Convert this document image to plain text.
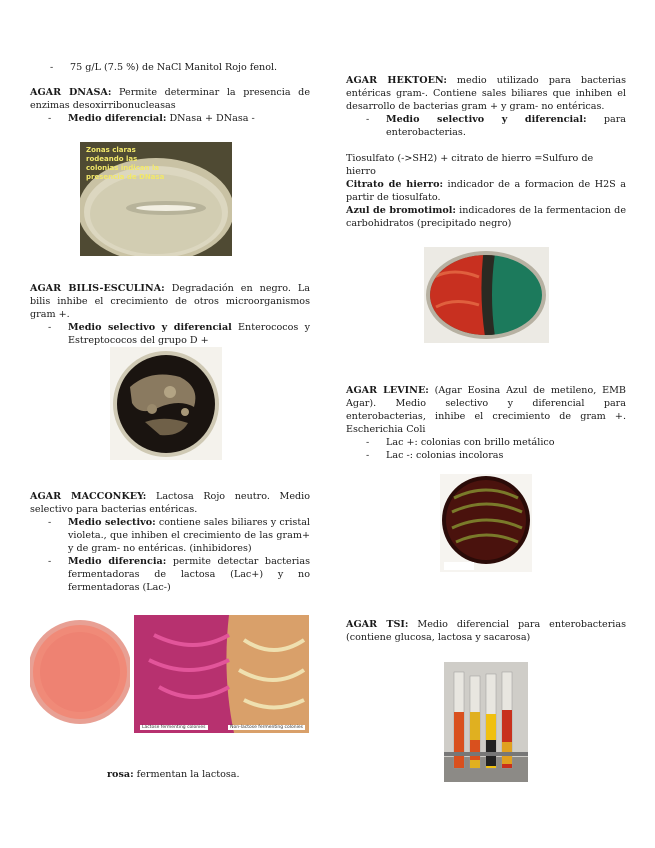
- 75 g/L (7.5 %) de NaCl Manitol Rojo fenol.
AGAR DNASA: Permite determinar la presencia de enzimas desoxirribonucleasas
- Medio diferencial: DNasa + DNasa -
Zonas claras rodeando las colonias indican la presencia de DNasa
AGAR BILIS-ESCULINA: Degradación en negro. La bilis inhibe el crecimiento de otros microorganismos gram +.
- Medio selectivo y diferencial Enterococos y Estreptococos del grupo D +
AGAR MACCONKEY: Lactosa Rojo neutro. Medio selectivo para bacterias entéricas.
- Medio selectivo: contiene sales biliares y cristal violeta., que inhiben el crecimiento de las gram+ y de gram- no entéricas. (inhibidores)
- Medio diferencia: permite detectar bacterias fermentadoras de lactosa (Lac+) y no fermentadoras (Lac-)
Lactose fermenting colonies	Non-lactose fermenting colonies
rosa: fermentan la lactosa.
AGAR HEKTOEN: medio utilizado para bacterias entéricas gram-. Contiene sales biliares que inhiben el desarrollo de bacterias gram + y gram- no entéricas.
- Medio selectivo y diferencial: para enterobacterias.
Tiosulfato (->SH2) + citrato de hierro =Sulfuro de hierro
Citrato de hierro: indicador de a formacion de H2S a partir de tiosulfato.
Azul de bromotimol: indicadores de la fermentacion de carbohidratos (precipitado negro)
AGAR LEVINE: (Agar Eosina Azul de metileno, EMB Agar). Medio selectivo y diferencial para enterobacterias, inhibe el crecimiento de gram +. Escherichia Coli
- Lac +: colonias con brillo metálico
- Lac -: colonias incoloras
AGAR TSI: Medio diferencial para enterobacterias (contiene glucosa, lactosa y sacarosa)
